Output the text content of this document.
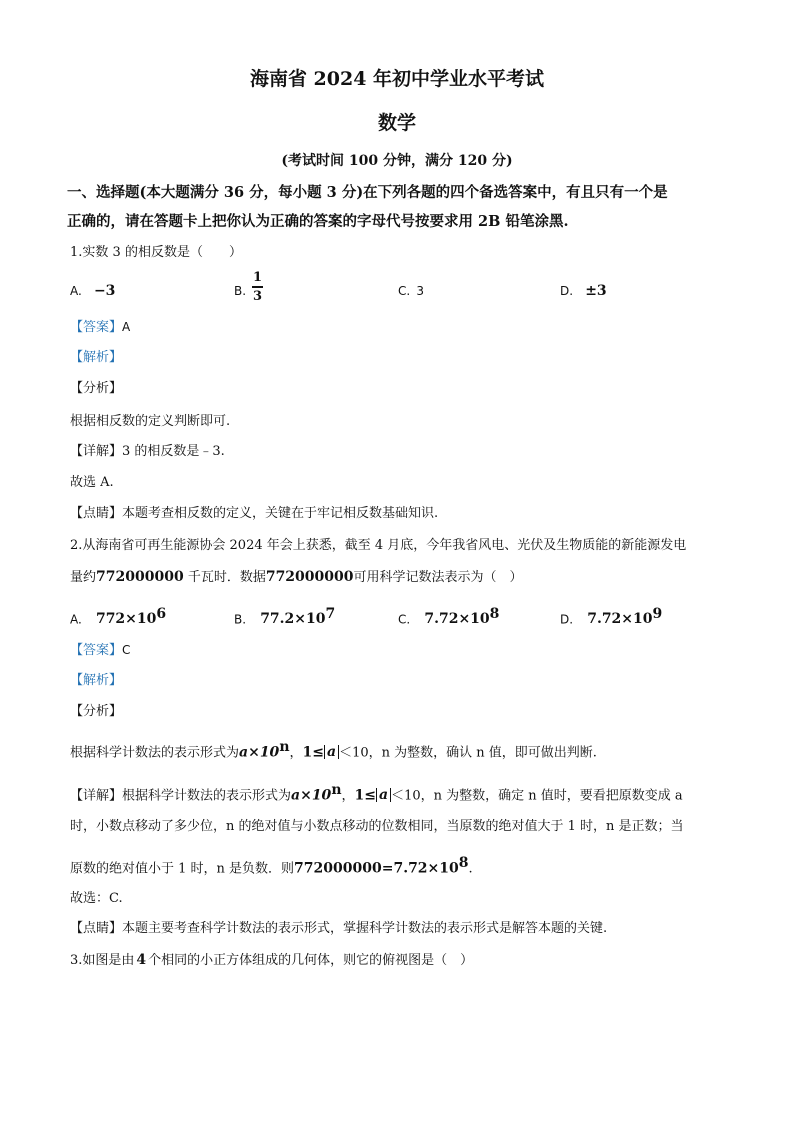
海南省 2024 年初中学业水平考试
数学
(考试时间 100 分钟，满分 120 分)
一、选择题(本大题满分 36 分，每小题 3 分)在下列各题的四个备选答案中，有且只有一个是
正确的，请在答题卡上把你认为正确的答案的字母代号按要求用 2B 铅笔涂黑.
1.实数 3 的相反数是（　　）
A. −3	B.
1
3	C. 3	D. ±3
【答案】A
【解析】
【分析】
根据相反数的定义判断即可.
【详解】3 的相反数是﹣3.
故选 A.
【点睛】本题考查相反数的定义，关键在于牢记相反数基础知识.
2.从海南省可再生能源协会 2024 年会上获悉，截至 4 月底，今年我省风电、光伏及生物质能的新能源发电
量约772000000 千瓦时．数据772000000可用科学记数法表示为（　）
A. $772\times 10^6$	B. $77.2\times 10^7$	C. $7.72\times 10^8$	D. $7.72\times 10^9$
【答案】C
【解析】
【分析】
根据科学计数法的表示形式为$a\times 10^n$，1≤ a ＜10，n 为整数，确认 n 值，即可做出判断.
【详解】根据科学计数法的表示形式为$a\times 10^n$，1≤ a ＜10，n 为整数，确定 n 值时，要看把原数变成 a
时，小数点移动了多少位，n 的绝对值与小数点移动的位数相同，当原数的绝对值大于 1 时，n 是正数；当
原数的绝对值小于 1 时，n 是负数．则$772000000=7.72\times 10^8$.
故选：C.
【点睛】本题主要考查科学计数法的表示形式，掌握科学计数法的表示形式是解答本题的关键.
3.如图是由 4 个相同的小正方体组成的几何体，则它的俯视图是（　）
